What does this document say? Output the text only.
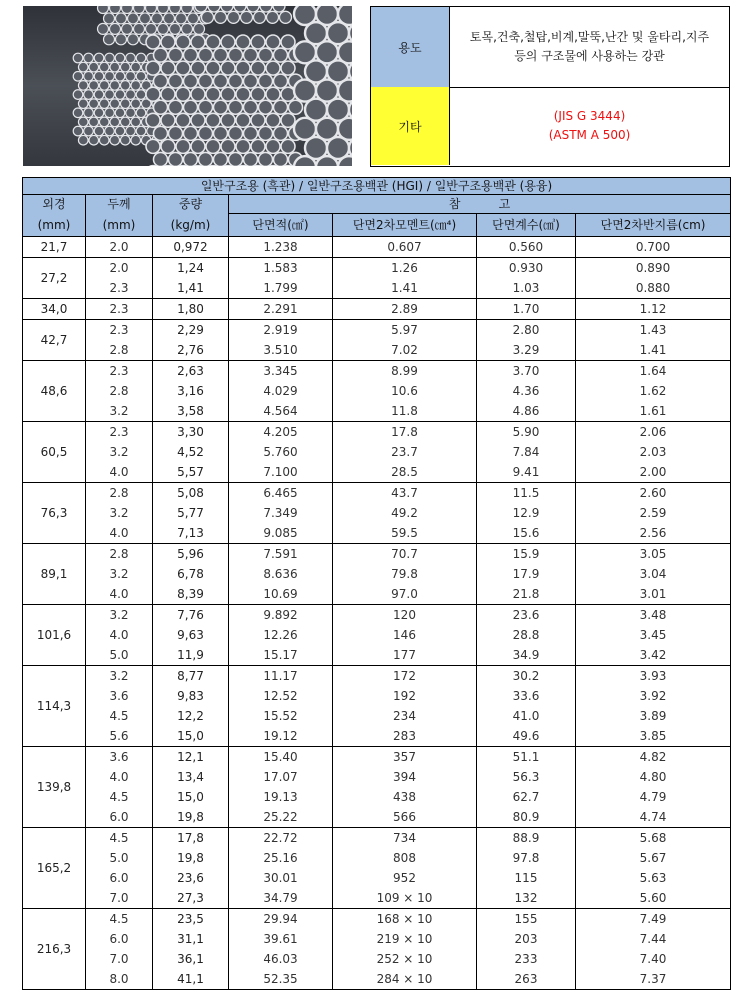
용도
토목,건축,철탑,비계,말뚝,난간 및 울타리,지주
등의 구조물에 사용하는 강관
기타
(JIS G 3444)
(ASTM A 500)
일반구조용 (흑관) / 일반구조용백관 (HGI) / 일반구조용백관 (용융)						
외경	두께	중량	참          고			
(mm)	(mm)	(kg/m)	단면적(㎠)	단면2차모멘트(㎝⁴)	단면계수(㎤)	단면2차반지름(cm)
21,7	2.0	0,972	1.238	0.607	0.560	0.700
27,2	2.0	1,24	1.583	1.26	0.930	0.890
	2.3	1,41	1.799	1.41	1.03	0.880
34,0	2.3	1,80	2.291	2.89	1.70	1.12
42,7	2.3	2,29	2.919	5.97	2.80	1.43
	2.8	2,76	3.510	7.02	3.29	1.41
48,6	2.3	2,63	3.345	8.99	3.70	1.64
	2.8	3,16	4.029	10.6	4.36	1.62
	3.2	3,58	4.564	11.8	4.86	1.61
60,5	2.3	3,30	4.205	17.8	5.90	2.06
	3.2	4,52	5.760	23.7	7.84	2.03
	4.0	5,57	7.100	28.5	9.41	2.00
76,3	2.8	5,08	6.465	43.7	11.5	2.60
	3.2	5,77	7.349	49.2	12.9	2.59
	4.0	7,13	9.085	59.5	15.6	2.56
89,1	2.8	5,96	7.591	70.7	15.9	3.05
	3.2	6,78	8.636	79.8	17.9	3.04
	4.0	8,39	10.69	97.0	21.8	3.01
101,6	3.2	7,76	9.892	120	23.6	3.48
	4.0	9,63	12.26	146	28.8	3.45
	5.0	11,9	15.17	177	34.9	3.42
114,3	3.2	8,77	11.17	172	30.2	3.93
	3.6	9,83	12.52	192	33.6	3.92
	4.5	12,2	15.52	234	41.0	3.89
	5.6	15,0	19.12	283	49.6	3.85
139,8	3.6	12,1	15.40	357	51.1	4.82
	4.0	13,4	17.07	394	56.3	4.80
	4.5	15,0	19.13	438	62.7	4.79
	6.0	19,8	25.22	566	80.9	4.74
165,2	4.5	17,8	22.72	734	88.9	5.68
	5.0	19,8	25.16	808	97.8	5.67
	6.0	23,6	30.01	952	115	5.63
	7.0	27,3	34.79	109 × 10	132	5.60
216,3	4.5	23,5	29.94	168 × 10	155	7.49
	6.0	31,1	39.61	219 × 10	203	7.44
	7.0	36,1	46.03	252 × 10	233	7.40
	8.0	41,1	52.35	284 × 10	263	7.37
